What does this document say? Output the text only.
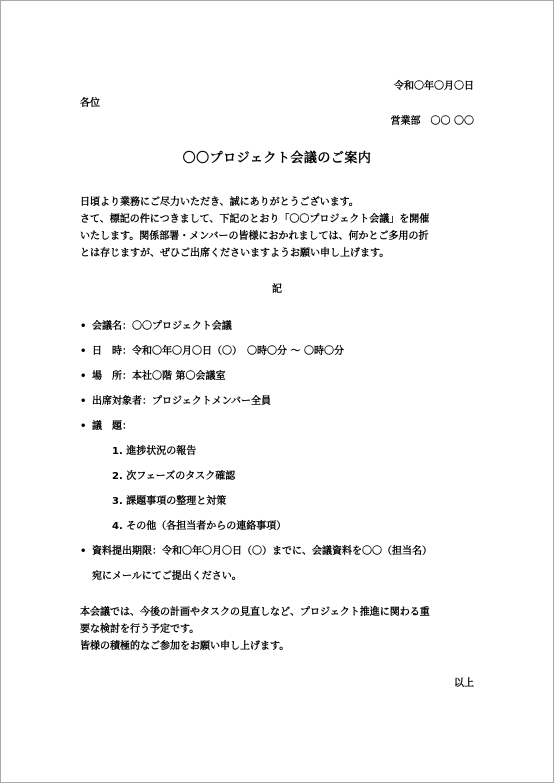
令和〇年〇月〇日
各位
営業部　〇〇 〇〇
〇〇プロジェクト会議のご案内
日頃より業務にご尽力いただき、誠にありがとうございます。
さて、標記の件につきまして、下記のとおり「〇〇プロジェクト会議」を開催
いたします。関係部署・メンバーの皆様におかれましては、何かとご多用の折
とは存じますが、ぜひご出席くださいますようお願い申し上げます。
記
• 会議名：〇〇プロジェクト会議
• 日　時：令和〇年〇月〇日（〇）　〇時〇分 ～ 〇時〇分
• 場　所：本社〇階 第〇会議室
• 出席対象者：プロジェクトメンバー全員
• 議　題：
1. 進捗状況の報告
2. 次フェーズのタスク確認
3. 課題事項の整理と対策
4. その他（各担当者からの連絡事項）
• 資料提出期限：令和〇年〇月〇日（〇）までに、会議資料を〇〇（担当名）
宛にメールにてご提出ください。
本会議では、今後の計画やタスクの見直しなど、プロジェクト推進に関わる重
要な検討を行う予定です。
皆様の積極的なご参加をお願い申し上げます。
以上
